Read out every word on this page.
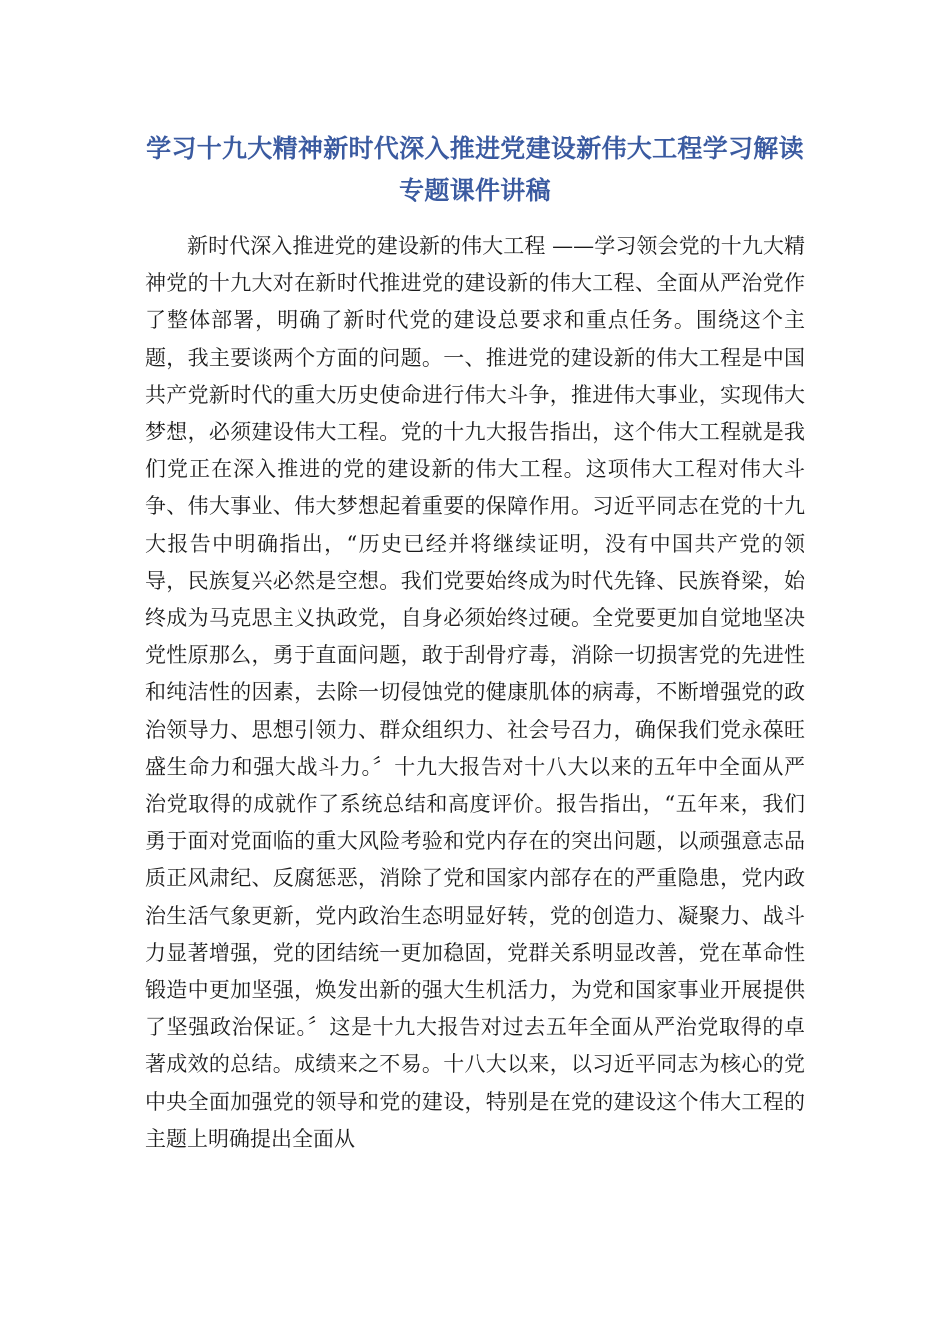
学习十九大精神新时代深入推进党建设新伟大工程学习解读专题课件讲稿

新时代深入推进党的建设新的伟大工程 ——学习领会党的十九大精神党的十九大对在新时代推进党的建设新的伟大工程、全面从严治党作了整体部署，明确了新时代党的建设总要求和重点任务。围绕这个主题，我主要谈两个方面的问题。一、推进党的建设新的伟大工程是中国共产党新时代的重大历史使命进行伟大斗争，推进伟大事业，实现伟大梦想，必须建设伟大工程。党的十九大报告指出，这个伟大工程就是我们党正在深入推进的党的建设新的伟大工程。这项伟大工程对伟大斗争、伟大事业、伟大梦想起着重要的保障作用。习近平同志在党的十九大报告中明确指出，“历史已经并将继续证明，没有中国共产党的领导，民族复兴必然是空想。我们党要始终成为时代先锋、民族脊梁，始终成为马克思主义执政党，自身必须始终过硬。全党要更加自觉地坚决党性原那么，勇于直面问题，敢于刮骨疗毒，消除一切损害党的先进性和纯洁性的因素，去除一切侵蚀党的健康肌体的病毒，不断增强党的政治领导力、思想引领力、群众组织力、社会号召力，确保我们党永葆旺盛生命力和强大战斗力。〞十九大报告对十八大以来的五年中全面从严治党取得的成就作了系统总结和高度评价。报告指出，“五年来，我们勇于面对党面临的重大风险考验和党内存在的突出问题，以顽强意志品质正风肃纪、反腐惩恶，消除了党和国家内部存在的严重隐患，党内政治生活气象更新，党内政治生态明显好转，党的创造力、凝聚力、战斗力显著增强，党的团结统一更加稳固，党群关系明显改善，党在革命性锻造中更加坚强，焕发出新的强大生机活力，为党和国家事业开展提供了坚强政治保证。〞这是十九大报告对过去五年全面从严治党取得的卓著成效的总结。成绩来之不易。十八大以来，以习近平同志为核心的党中央全面加强党的领导和党的建设，特别是在党的建设这个伟大工程的主题上明确提出全面从
